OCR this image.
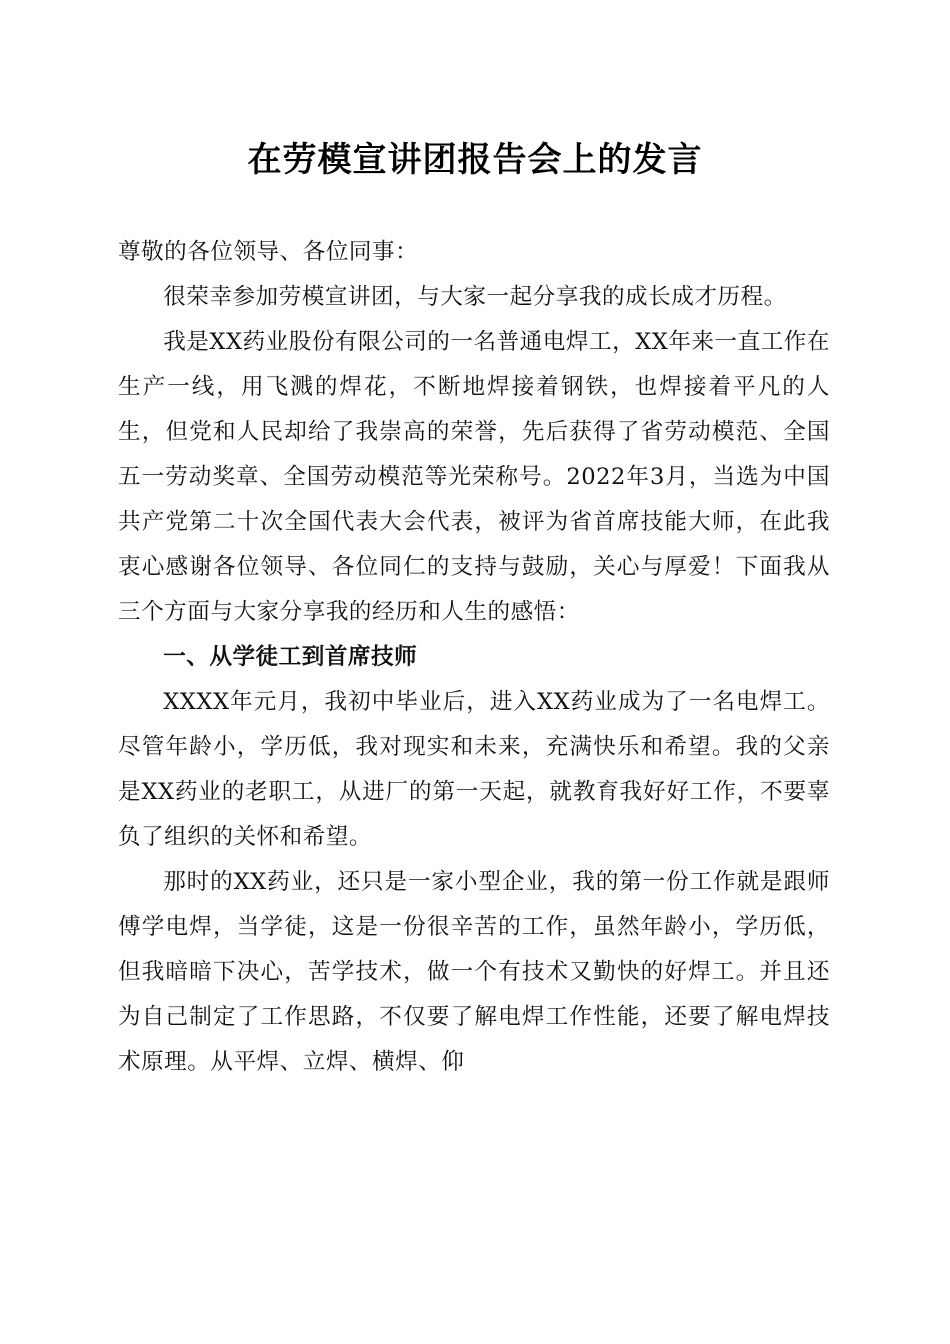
在劳模宣讲团报告会上的发言

尊敬的各位领导、各位同事：

很荣幸参加劳模宣讲团，与大家一起分享我的成长成才历程。

我是XX药业股份有限公司的一名普通电焊工，XX年来一直工作在生产一线，用飞溅的焊花，不断地焊接着钢铁，也焊接着平凡的人生，但党和人民却给了我崇高的荣誉，先后获得了省劳动模范、全国五一劳动奖章、全国劳动模范等光荣称号。2022年3月，当选为中国共产党第二十次全国代表大会代表，被评为省首席技能大师，在此我衷心感谢各位领导、各位同仁的支持与鼓励，关心与厚爱！下面我从三个方面与大家分享我的经历和人生的感悟：

一、从学徒工到首席技师

XXXX年元月，我初中毕业后，进入XX药业成为了一名电焊工。尽管年龄小，学历低，我对现实和未来，充满快乐和希望。我的父亲是XX药业的老职工，从进厂的第一天起，就教育我好好工作，不要辜负了组织的关怀和希望。

那时的XX药业，还只是一家小型企业，我的第一份工作就是跟师傅学电焊，当学徒，这是一份很辛苦的工作，虽然年龄小，学历低，但我暗暗下决心，苦学技术，做一个有技术又勤快的好焊工。并且还为自己制定了工作思路，不仅要了解电焊工作性能，还要了解电焊技术原理。从平焊、立焊、横焊、仰
